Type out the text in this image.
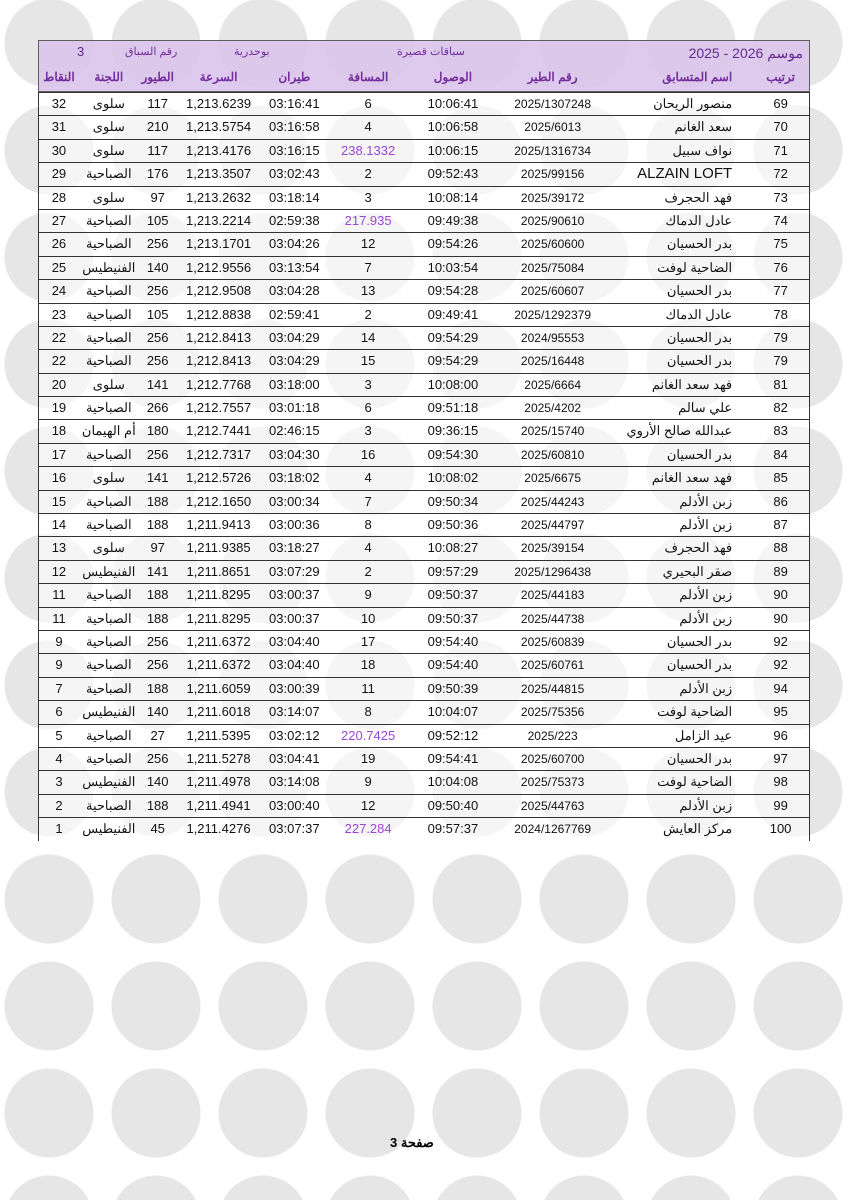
موسم 2026 - 2025
سباقات قصيرة
بوحدرية
رقم السباق
3
النقاط	اللجنة	الطيور	السرعة	طيران	المسافة	الوصول	رقم الطير	اسم المتسابق	ترتيب
32	سلوى	117	1,213.6239	03:16:41	6	10:06:41	2025/1307248	منصور الريحان	69
31	سلوى	210	1,213.5754	03:16:58	4	10:06:58	2025/6013	سعد الغانم	70
30	سلوى	117	1,213.4176	03:16:15	238.1332	10:06:15	2025/1316734	نواف سبيل	71
29	الصباحية	176	1,213.3507	03:02:43	2	09:52:43	2025/99156	ALZAIN LOFT	72
28	سلوى	97	1,213.2632	03:18:14	3	10:08:14	2025/39172	فهد الحجرف	73
27	الصباحية	105	1,213.2214	02:59:38	217.935	09:49:38	2025/90610	عادل الدماك	74
26	الصباحية	256	1,213.1701	03:04:26	12	09:54:26	2025/60600	بدر الحسيان	75
25	الفنيطيس 140	1,212.9556	03:13:54	7	10:03:54	2025/75084	الضاحية لوفت	76
24	الصباحية	256	1,212.9508	03:04:28	13	09:54:28	2025/60607	بدر الحسيان	77
23	الصباحية	105	1,212.8838	02:59:41	2	09:49:41	2025/1292379	عادل الدماك	78
22	الصباحية	256	1,212.8413	03:04:29	14	09:54:29	2024/95553	بدر الحسيان	79
22	الصباحية	256	1,212.8413	03:04:29	15	09:54:29	2025/16448	بدر الحسيان	79
20	سلوى	141	1,212.7768	03:18:00	3	10:08:00	2025/6664	فهد سعد الغانم	81
19	الصباحية	266	1,212.7557	03:01:18	6	09:51:18	2025/4202	علي سالم	82
18	أم الهيمان 180	1,212.7441	02:46:15	3	09:36:15	2025/15740	عبدالله صالح الأروي	83
17	الصباحية	256	1,212.7317	03:04:30	16	09:54:30	2025/60810	بدر الحسيان	84
16	سلوى	141	1,212.5726	03:18:02	4	10:08:02	2025/6675	فهد سعد الغانم	85
15	الصباحية	188	1,212.1650	03:00:34	7	09:50:34	2025/44243	زبن الأدلم	86
14	الصباحية	188	1,211.9413	03:00:36	8	09:50:36	2025/44797	زبن الأدلم	87
13	سلوى	97	1,211.9385	03:18:27	4	10:08:27	2025/39154	فهد الحجرف	88
12	الفنيطيس 141	1,211.8651	03:07:29	2	09:57:29	2025/1296438	صقر البحيري	89
11	الصباحية	188	1,211.8295	03:00:37	9	09:50:37	2025/44183	زبن الأدلم	90
11	الصباحية	188	1,211.8295	03:00:37	10	09:50:37	2025/44738	زبن الأدلم	90
9	الصباحية	256	1,211.6372	03:04:40	17	09:54:40	2025/60839	بدر الحسيان	92
9	الصباحية	256	1,211.6372	03:04:40	18	09:54:40	2025/60761	بدر الحسيان	92
7	الصباحية	188	1,211.6059	03:00:39	11	09:50:39	2025/44815	زبن الأدلم	94
6	الفنيطيس 140	1,211.6018	03:14:07	8	10:04:07	2025/75356	الضاحية لوفت	95
5	الصباحية	27	1,211.5395	03:02:12	220.7425	09:52:12	2025/223	عيد الزامل	96
4	الصباحية	256	1,211.5278	03:04:41	19	09:54:41	2025/60700	بدر الحسيان	97
3	الفنيطيس 140	1,211.4978	03:14:08	9	10:04:08	2025/75373	الضاحية لوفت	98
2	الصباحية	188	1,211.4941	03:00:40	12	09:50:40	2025/44763	زبن الأدلم	99
1	الفنيطيس	45	1,211.4276	03:07:37	227.284	09:57:37	2024/1267769	مركز العايش	100
صفحة 3
